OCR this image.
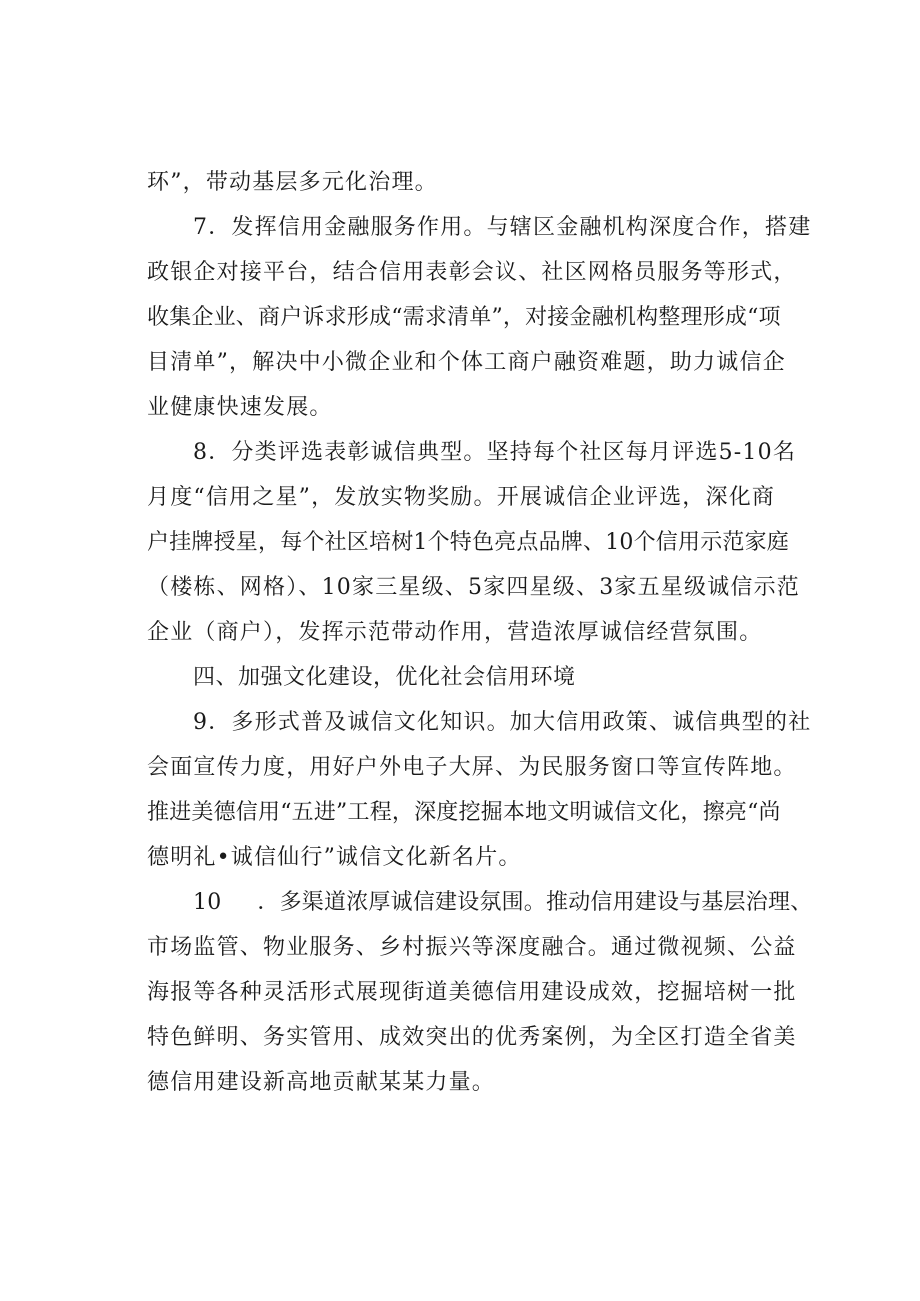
环”，带动基层多元化治理。
7．发挥信用金融服务作用。与辖区金融机构深度合作，搭建
政银企对接平台，结合信用表彰会议、社区网格员服务等形式，
收集企业、商户诉求形成“需求清单”，对接金融机构整理形成“项
目清单”，解决中小微企业和个体工商户融资难题，助力诚信企
业健康快速发展。
8．分类评选表彰诚信典型。坚持每个社区每月评选5-10名
月度“信用之星”，发放实物奖励。开展诚信企业评选，深化商
户挂牌授星，每个社区培树1个特色亮点品牌、10个信用示范家庭
（楼栋、网格）、10家三星级、5家四星级、3家五星级诚信示范
企业（商户），发挥示范带动作用，营造浓厚诚信经营氛围。
四、加强文化建设，优化社会信用环境
9．多形式普及诚信文化知识。加大信用政策、诚信典型的社
会面宣传力度，用好户外电子大屏、为民服务窗口等宣传阵地。
推进美德信用“五进”工程，深度挖掘本地文明诚信文化，擦亮“尚
德明礼•诚信仙行”诚信文化新名片。
10 ．多渠道浓厚诚信建设氛围。推动信用建设与基层治理、
市场监管、物业服务、乡村振兴等深度融合。通过微视频、公益
海报等各种灵活形式展现街道美德信用建设成效，挖掘培树一批
特色鲜明、务实管用、成效突出的优秀案例，为全区打造全省美
德信用建设新高地贡献某某力量。
